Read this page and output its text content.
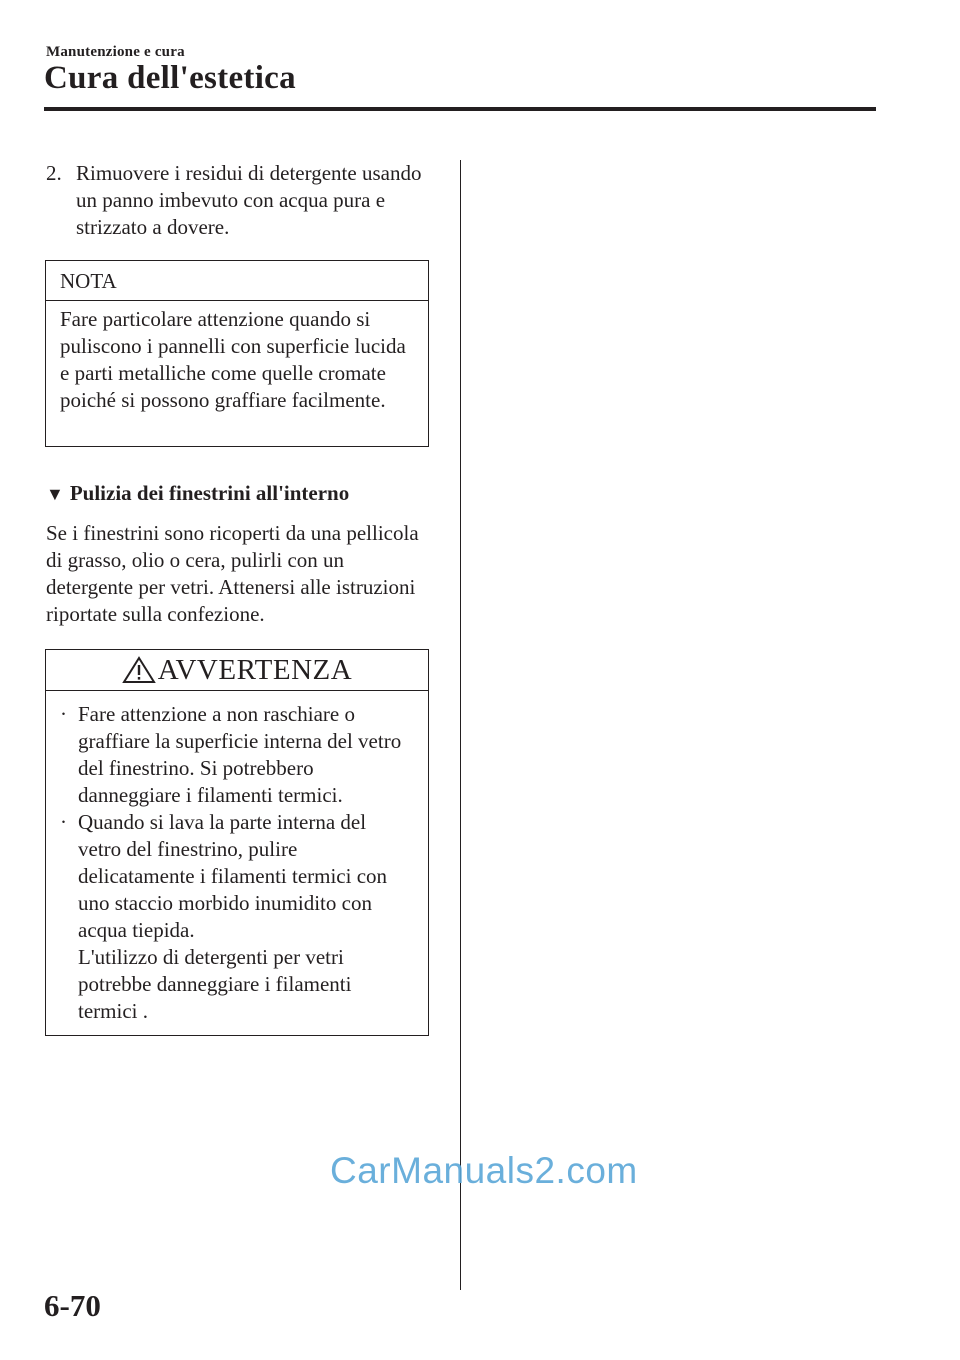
Manutenzione e cura
Cura dell'estetica
2. Rimuovere i residui di detergente usando un panno imbevuto con acqua pura e strizzato a dovere.
NOTA
Fare particolare attenzione quando si puliscono i pannelli con superficie lucida e parti metalliche come quelle cromate poiché si possono graffiare facilmente.
▼ Pulizia dei finestrini all'interno
Se i finestrini sono ricoperti da una pellicola di grasso, olio o cera, pulirli con un detergente per vetri. Attenersi alle istruzioni riportate sulla confezione.
AVVERTENZA
· Fare attenzione a non raschiare o graffiare la superficie interna del vetro del finestrino. Si potrebbero danneggiare i filamenti termici.
· Quando si lava la parte interna del vetro del finestrino, pulire delicatamente i filamenti termici con uno staccio morbido inumidito con acqua tiepida.
L'utilizzo di detergenti per vetri potrebbe danneggiare i filamenti termici .
CarManuals2.com
6-70
